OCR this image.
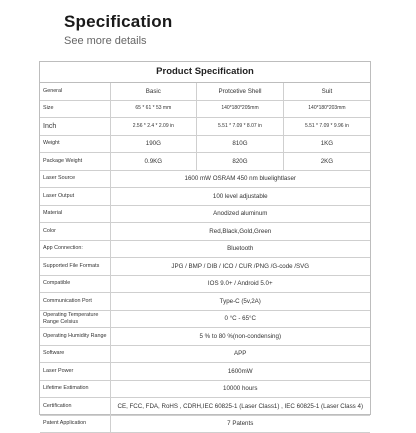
Specification
See more details
Product Specification
General	Basic	Protcetive Shell	Suit
Size	65 * 61 * 53 mm	140*180*205mm	140*180*203mm
Inch	2.56 * 2.4 * 2.09 in	5.51 * 7.09 * 8.07 in	5.51 * 7.09 * 9.96 in
Weight	190G	810G	1KG
Package Weight	0.9KG	820G	2KG
Laser Source	1600 mW OSRAM 450 nm bluelightlaser		
Laser Output	100 level adjustable		
Material	Anodized aluminum		
Color	Red,Black,Gold,Green		
App Connection:	Bluetooth		
Supported File Formats	JPG / BMP / DIB / ICO / CUR /PNG /G-code /SVG		
Compatible	IOS 9.0+ / Android 5.0+		
Communication Port	Type-C (5v,2A)		
Operating Temperature Range Celsius	0 °C - 65°C		
Operating Humidity Range	5 % to 80 %(non-condensing)		
Software	APP		
Laser Power	1600mW		
Lifetime Estimation	10000 hours		
Certification	CE, FCC, FDA, RoHS , CDRH,IEC 60825-1 (Laser Class1) , IEC 60825-1 (Laser Class 4)		
Patent Application	7 Patents		
